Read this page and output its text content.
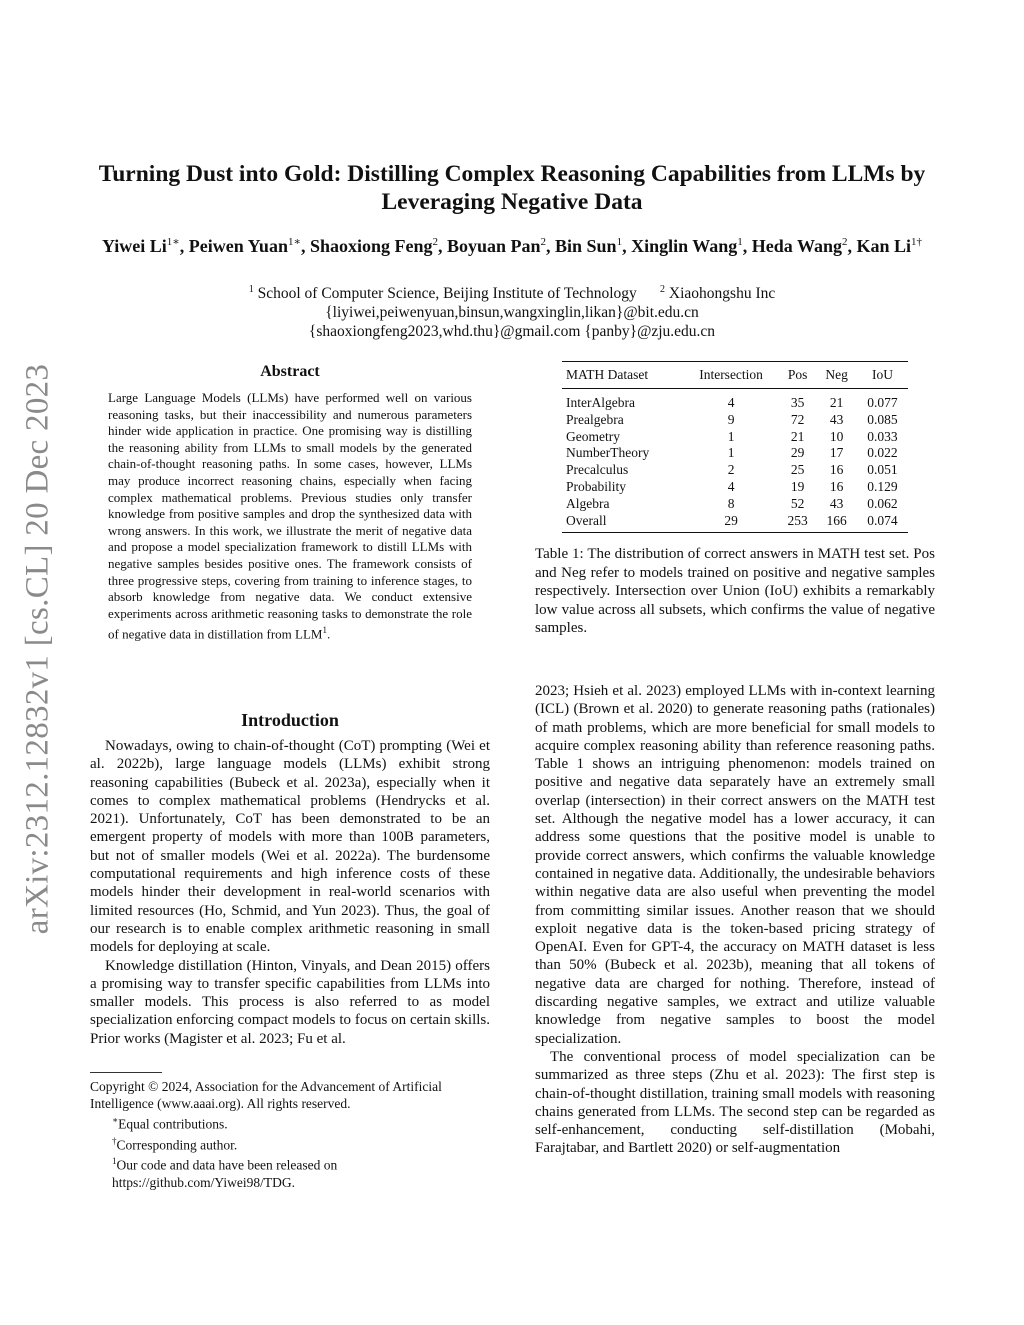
arXiv:2312.12832v1 [cs.CL] 20 Dec 2023
Turning Dust into Gold: Distilling Complex Reasoning Capabilities from LLMs by Leveraging Negative Data
Yiwei $Li^{1∗}$, Peiwen Yuan$^{1∗}$, Shaoxiong Feng$^2$, Boyuan Pan$^2$, Bin Sun$^1$, Xinglin Wang$^1$, Heda Wang$^2$, Kan $Li^{1\dagger}$
$^1$ School of Computer Science, Beijing Institute of Technology $^2$ Xiaohongshu Inc
{liyiwei,peiwenyuan,binsun,wangxinglin,likan}@bit.edu.cn
{shaoxiongfeng2023,whd.thu}@gmail.com {panby}@zju.edu.cn
Abstract
Large Language Models (LLMs) have performed well on various reasoning tasks, but their inaccessibility and numerous parameters hinder wide application in practice. One promising way is distilling the reasoning ability from LLMs to small models by the generated chain-of-thought reasoning paths. In some cases, however, LLMs may produce incorrect reasoning chains, especially when facing complex mathematical problems. Previous studies only transfer knowledge from positive samples and drop the synthesized data with wrong answers. In this work, we illustrate the merit of negative data and propose a model specialization framework to distill LLMs with negative samples besides positive ones. The framework consists of three progressive steps, covering from training to inference stages, to absorb knowledge from negative data. We conduct extensive experiments across arithmetic reasoning tasks to demonstrate the role of negative data in distillation from LLM$^1$.
Introduction

Nowadays, owing to chain-of-thought (CoT) prompting (Wei et al. 2022b), large language models (LLMs) exhibit strong reasoning capabilities (Bubeck et al. 2023a), especially when it comes to complex mathematical problems (Hendrycks et al. 2021). Unfortunately, CoT has been demonstrated to be an emergent property of models with more than 100B parameters, but not of smaller models (Wei et al. 2022a). The burdensome computational requirements and high inference costs of these models hinder their development in real-world scenarios with limited resources (Ho, Schmid, and Yun 2023). Thus, the goal of our research is to enable complex arithmetic reasoning in small models for deploying at scale.

Knowledge distillation (Hinton, Vinyals, and Dean 2015) offers a promising way to transfer specific capabilities from LLMs into smaller models. This process is also referred to as model specialization enforcing compact models to focus on certain skills. Prior works (Magister et al. 2023; Fu et al.

Copyright © 2024, Association for the Advancement of Artificial Intelligence (www.aaai.org). All rights reserved.
∗Equal contributions.
†Corresponding author.
$^1$Our code and data have been released on https://github.com/Yiwei98/TDG.
MATH Dataset	Intersection	Pos	Neg	IoU
InterAlgebra	4	35	21	0.077
Prealgebra	9	72	43	0.085
Geometry	1	21	10	0.033
NumberTheory	1	29	17	0.022
Precalculus	2	25	16	0.051
Probability	4	19	16	0.129
Algebra	8	52	43	0.062
Overall	29	253	166	0.074
Table 1: The distribution of correct answers in MATH test set. Pos and Neg refer to models trained on positive and negative samples respectively. Intersection over Union (IoU) exhibits a remarkably low value across all subsets, which confirms the value of negative samples.

2023; Hsieh et al. 2023) employed LLMs with in-context learning (ICL) (Brown et al. 2020) to generate reasoning paths (rationales) of math problems, which are more beneficial for small models to acquire complex reasoning ability than reference reasoning paths. Table 1 shows an intriguing phenomenon: models trained on positive and negative data separately have an extremely small overlap (intersection) in their correct answers on the MATH test set. Although the negative model has a lower accuracy, it can address some questions that the positive model is unable to provide correct answers, which confirms the valuable knowledge contained in negative data. Additionally, the undesirable behaviors within negative data are also useful when preventing the model from committing similar issues. Another reason that we should exploit negative data is the token-based pricing strategy of OpenAI. Even for GPT-4, the accuracy on MATH dataset is less than 50% (Bubeck et al. 2023b), meaning that all tokens of negative data are charged for nothing. Therefore, instead of discarding negative samples, we extract and utilize valuable knowledge from negative samples to boost the model specialization.

The conventional process of model specialization can be summarized as three steps (Zhu et al. 2023): The first step is chain-of-thought distillation, training small models with reasoning chains generated from LLMs. The second step can be regarded as self-enhancement, conducting self-distillation (Mobahi, Farajtabar, and Bartlett 2020) or self-augmentation
